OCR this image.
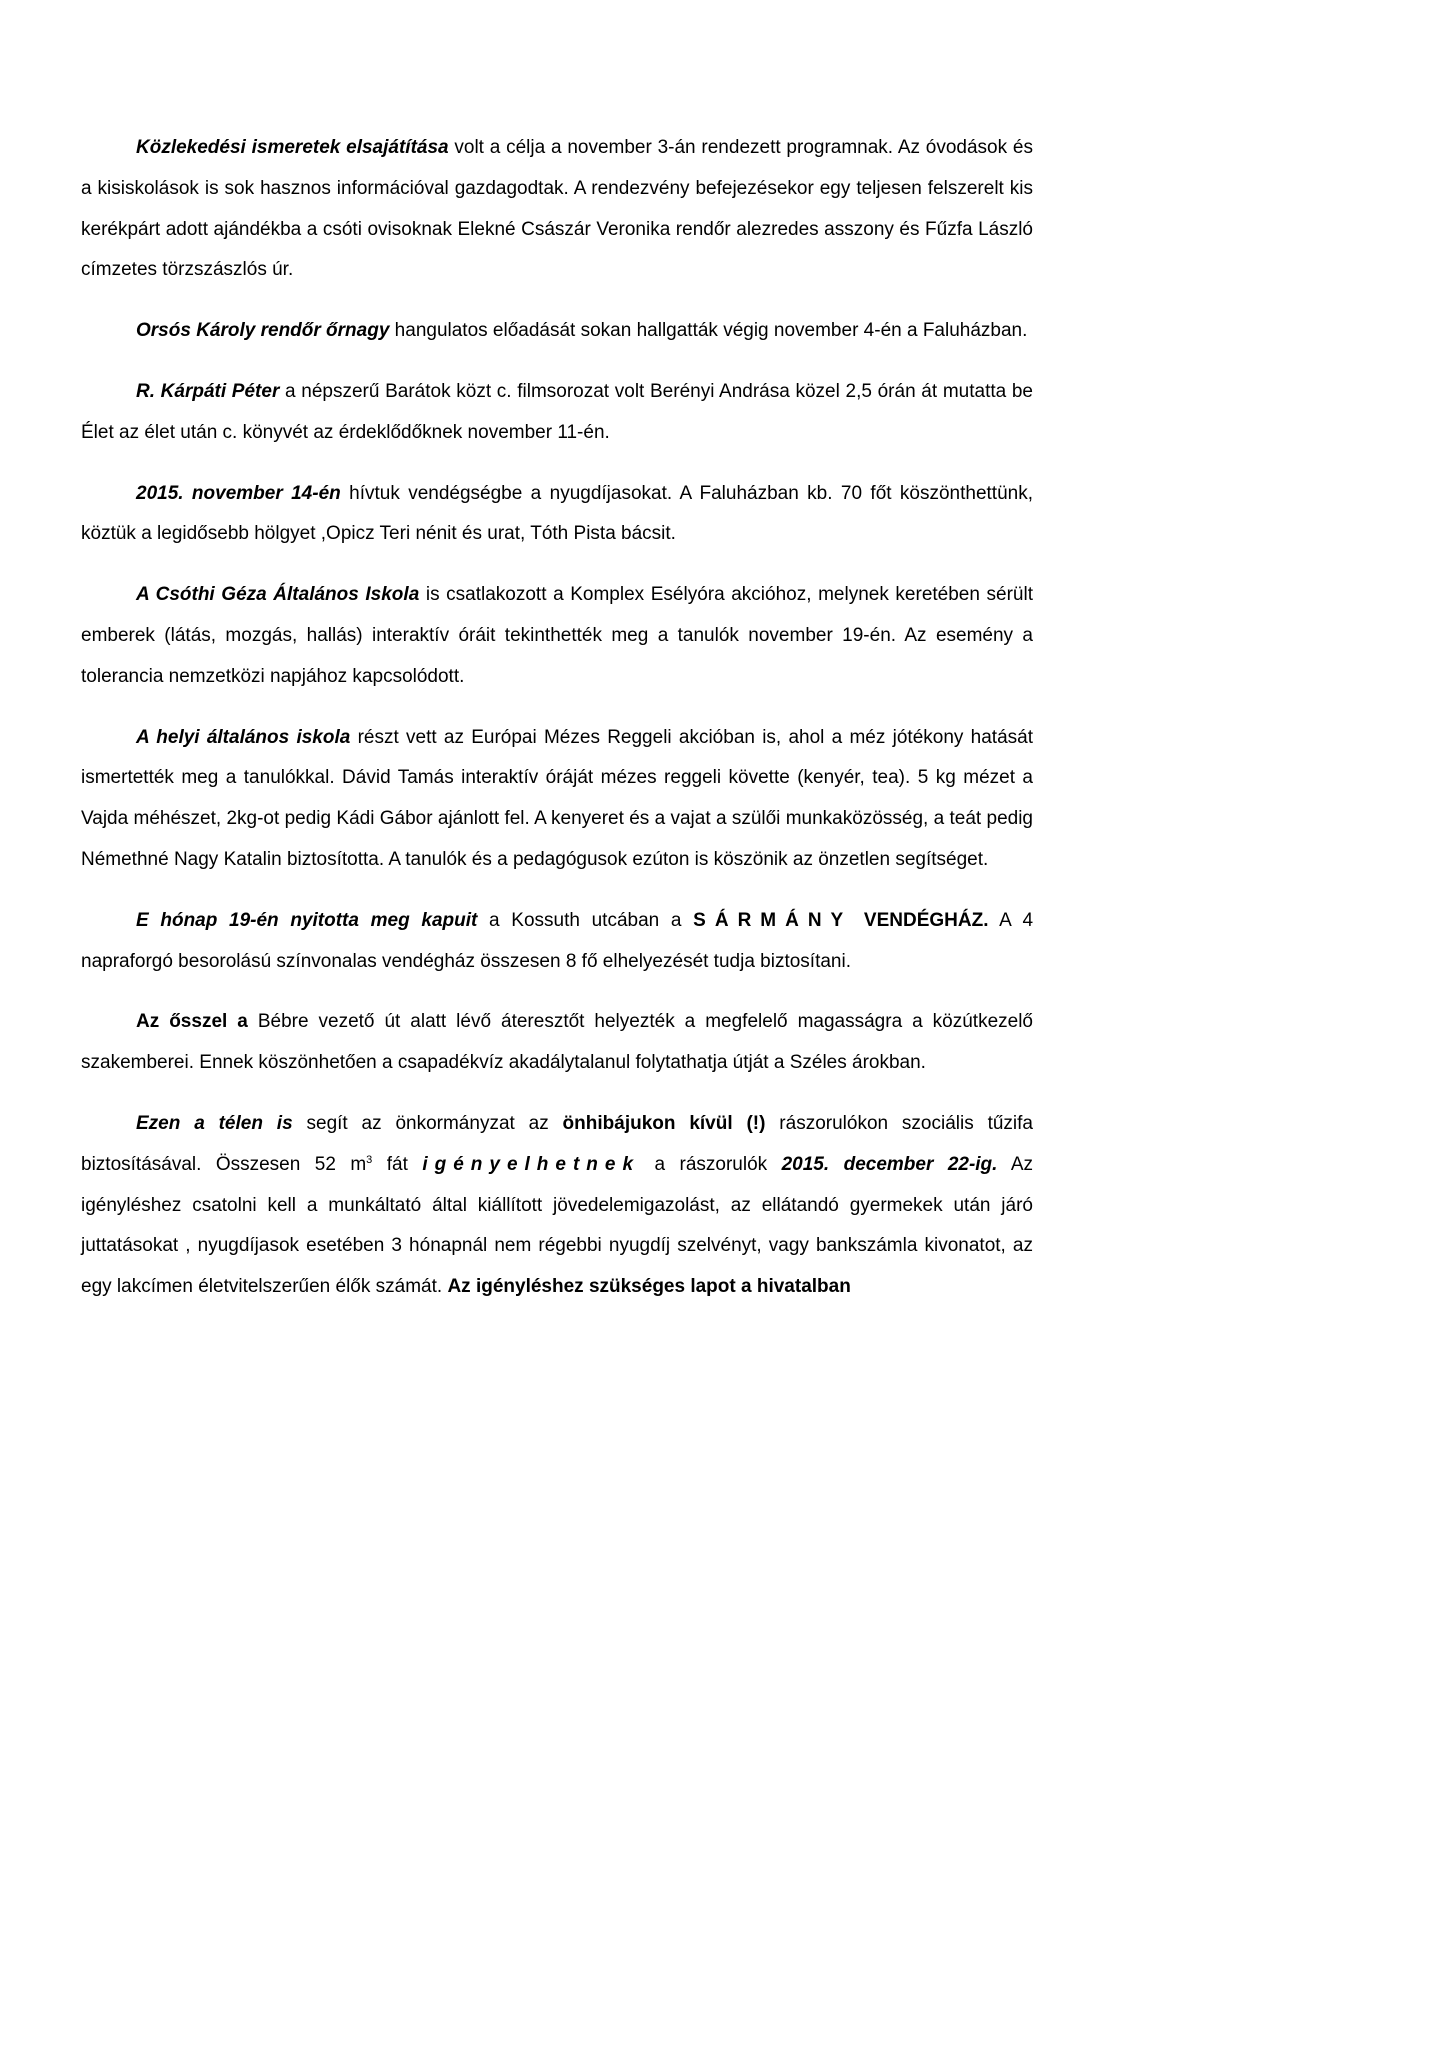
Közlekedési ismeretek elsajátítása volt a célja a november 3-án rendezett programnak. Az óvodások és a kisiskolások is sok hasznos információval gazdagodtak. A rendezvény befejezésekor egy teljesen felszerelt kis kerékpárt adott ajándékba a csóti ovisoknak Elekné Császár Veronika rendőr alezredes asszony és Fűzfa László címzetes törzszászlós úr.

Orsós Károly rendőr őrnagy hangulatos előadását sokan hallgatták végig november 4-én a Faluházban.

R. Kárpáti Péter a népszerű Barátok közt c. filmsorozat volt Berényi Andrása közel 2,5 órán át mutatta be Élet az élet után c. könyvét az érdeklődőknek november 11-én.

2015. november 14-én hívtuk vendégségbe a nyugdíjasokat. A Faluházban kb. 70 főt köszönthettünk, köztük a legidősebb hölgyet ,Opicz Teri nénit és urat, Tóth Pista bácsit.

A Csóthi Géza Általános Iskola is csatlakozott a Komplex Esélyóra akcióhoz, melynek keretében sérült emberek (látás, mozgás, hallás) interaktív óráit tekinthették meg a tanulók november 19-én. Az esemény a tolerancia nemzetközi napjához kapcsolódott.

A helyi általános iskola részt vett az Európai Mézes Reggeli akcióban is, ahol a méz jótékony hatását ismertették meg a tanulókkal. Dávid Tamás interaktív óráját mézes reggeli követte (kenyér, tea). 5 kg mézet a Vajda méhészet, 2kg-ot pedig Kádi Gábor ajánlott fel. A kenyeret és a vajat a szülői munkaközösség, a teát pedig Némethné Nagy Katalin biztosította. A tanulók és a pedagógusok ezúton is köszönik az önzetlen segítséget.

E hónap 19-én nyitotta meg kapuit a Kossuth utcában a SÁRMÁNY VENDÉGHÁZ. A 4 napraforgó besorolású színvonalas vendégház összesen 8 fő elhelyezését tudja biztosítani.

Az ősszel a Bébre vezető út alatt lévő áteresztőt helyezték a megfelelő magasságra a közútkezelő szakemberei. Ennek köszönhetően a csapadékvíz akadálytalanul folytathatja útját a Széles árokban.

Ezen a télen is segít az önkormányzat az önhibájukon kívül (!) rászorulókon szociális tűzifa biztosításával. Összesen 52 $m^3$ fát igényelhetnek a rászorulók 2015. december 22-ig. Az igényléshez csatolni kell a munkáltató által kiállított jövedelemigazolást, az ellátandó gyermekek után járó juttatásokat , nyugdíjasok esetében 3 hónapnál nem régebbi nyugdíj szelvényt, vagy bankszámla kivonatot, az egy lakcímen életvitelszerűen élők számát. Az igényléshez szükséges lapot a hivatalban
